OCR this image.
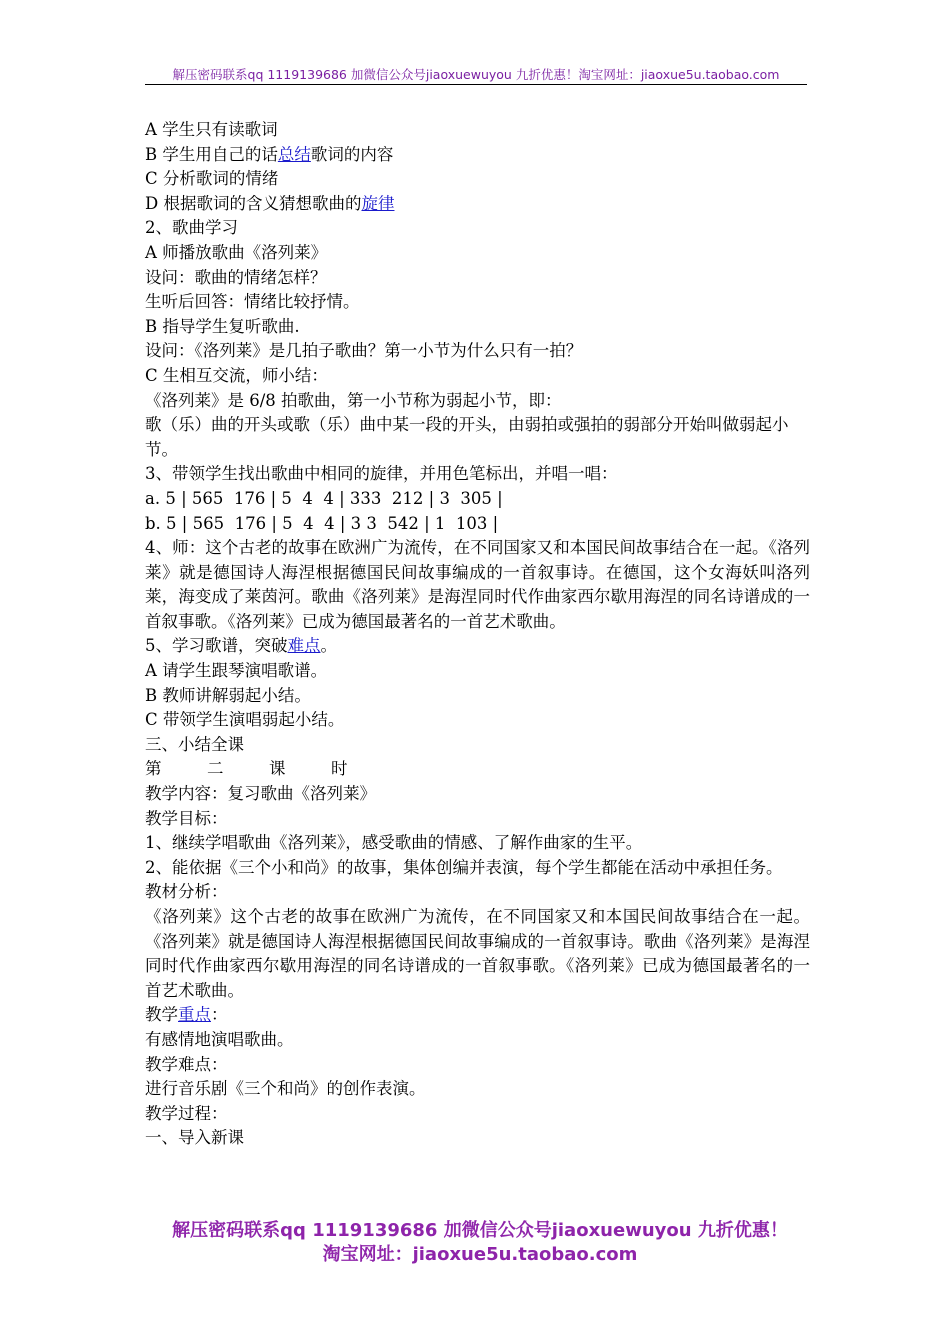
解压密码联系qq 1119139686 加微信公众号jiaoxuewuyou 九折优惠！淘宝网址：jiaoxue5u.taobao.com

A 学生只有读歌词

B 学生用自己的话总结歌词的内容

C 分析歌词的情绪

D 根据歌词的含义猜想歌曲的旋律

2、歌曲学习

A 师播放歌曲《洛列莱》

设问：歌曲的情绪怎样？

生听后回答：情绪比较抒情。

B 指导学生复听歌曲.

设问：《洛列莱》是几拍子歌曲？第一小节为什么只有一拍？

C 生相互交流，师小结：

《洛列莱》是 6/8 拍歌曲，第一小节称为弱起小节，即：

歌（乐）曲的开头或歌（乐）曲中某一段的开头，由弱拍或强拍的弱部分开始叫做弱起小节。

3、带领学生找出歌曲中相同的旋律，并用色笔标出，并唱一唱：

a. 5 | 565  176 | 5  4  4 | 333  212 | 3  305 |

b. 5 | 565  176 | 5  4  4 | 3 3  542 | 1  103 |

4、师：这个古老的故事在欧洲广为流传，在不同国家又和本国民间故事结合在一起。《洛列莱》就是德国诗人海涅根据德国民间故事编成的一首叙事诗。在德国，这个女海妖叫洛列莱，海变成了莱茵河。歌曲《洛列莱》是海涅同时代作曲家西尔歇用海涅的同名诗谱成的一首叙事歌。《洛列莱》已成为德国最著名的一首艺术歌曲。

5、学习歌谱，突破难点。

A 请学生跟琴演唱歌谱。

B 教师讲解弱起小结。

C 带领学生演唱弱起小结。

三、小结全课

第	二	课	时

教学内容：复习歌曲《洛列莱》

教学目标：

1、继续学唱歌曲《洛列莱》，感受歌曲的情感、了解作曲家的生平。

2、能依据《三个小和尚》的故事，集体创编并表演，每个学生都能在活动中承担任务。

教材分析：

《洛列莱》这个古老的故事在欧洲广为流传，在不同国家又和本国民间故事结合在一起。《洛列莱》就是德国诗人海涅根据德国民间故事编成的一首叙事诗。歌曲《洛列莱》是海涅同时代作曲家西尔歇用海涅的同名诗谱成的一首叙事歌。《洛列莱》已成为德国最著名的一首艺术歌曲。

教学重点：

有感情地演唱歌曲。

教学难点：

进行音乐剧《三个和尚》的创作表演。

教学过程：

一、导入新课

解压密码联系qq 1119139686 加微信公众号jiaoxuewuyou 九折优惠！
淘宝网址：jiaoxue5u.taobao.com
